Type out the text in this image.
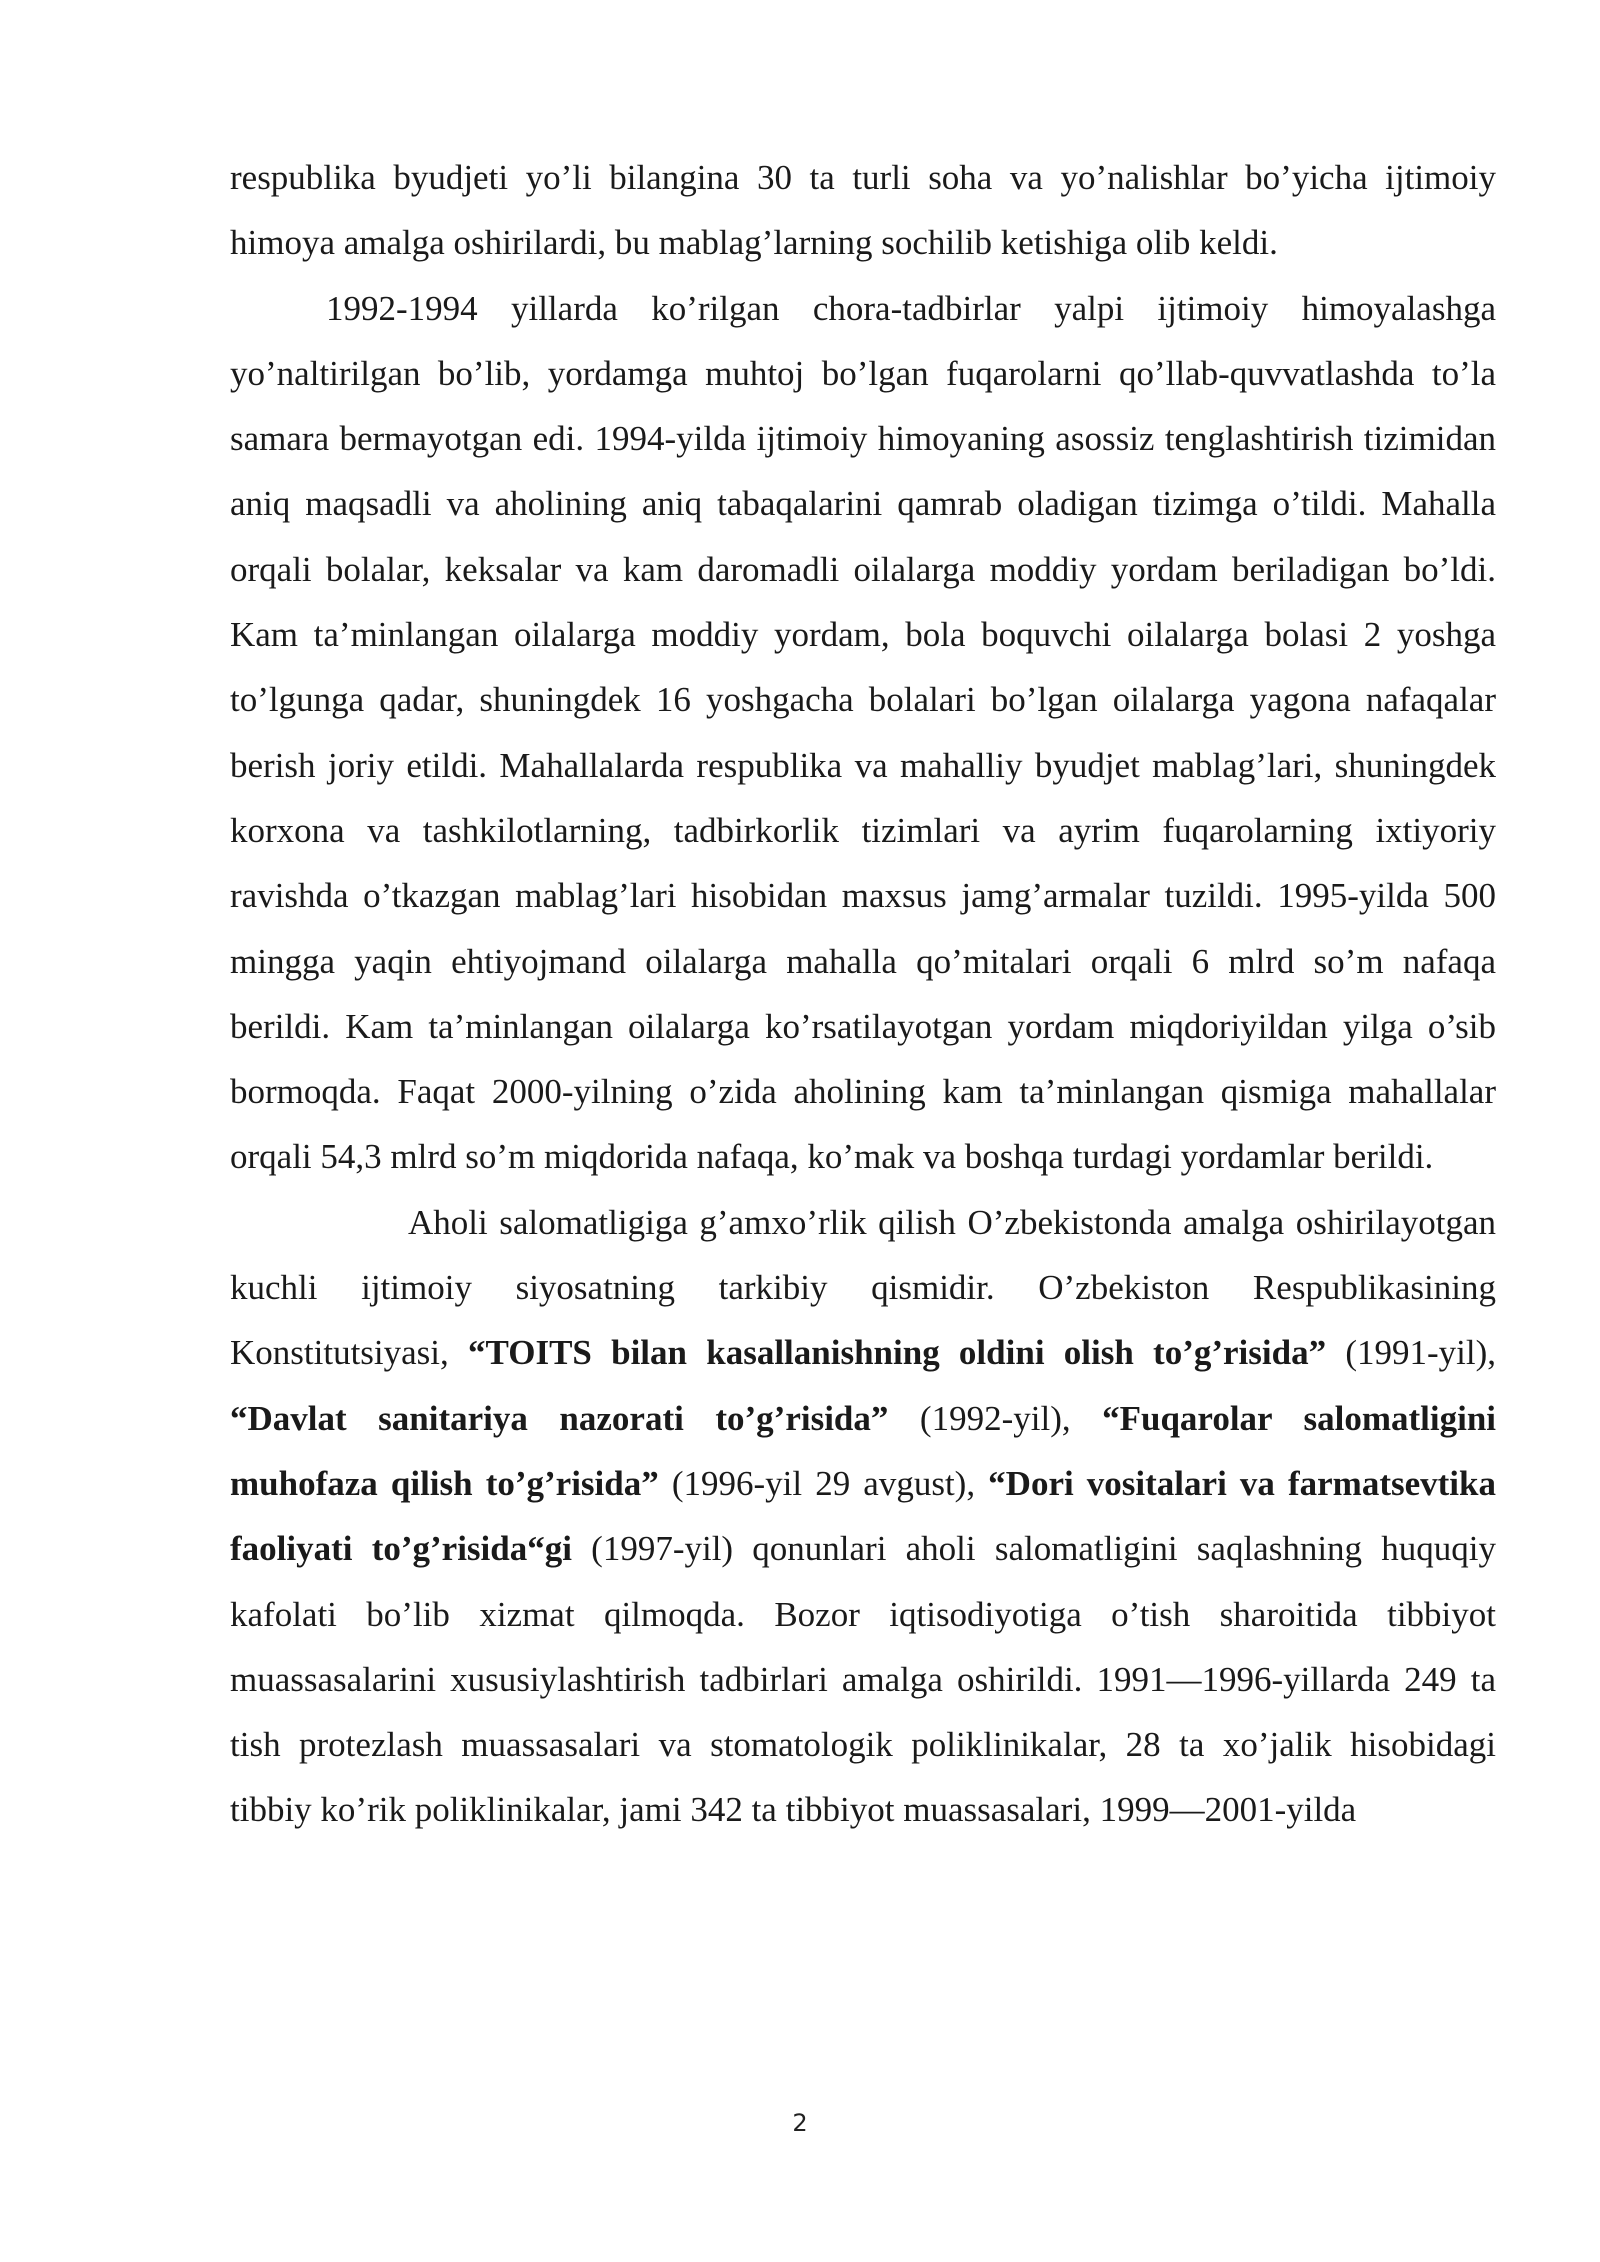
respublika byudjeti yo’li bilangina 30 ta turli soha va yo’nalishlar bo’yicha ijtimoiy himoya amalga oshirilardi, bu mablag’larning sochilib ketishiga olib keldi.

1992-1994 yillarda ko’rilgan chora-tadbirlar yalpi ijtimoiy himoyalashga yo’naltirilgan bo’lib, yordamga muhtoj bo’lgan fuqarolarni qo’llab-quvvatlashda to’la samara bermayotgan edi. 1994-yilda ijtimoiy himoyaning asossiz tenglashtirish tizimidan aniq maqsadli va aholining aniq tabaqalarini qamrab oladigan tizimga o’tildi. Mahalla orqali bolalar, keksalar va kam daromadli oilalarga moddiy yordam beriladigan bo’ldi. Kam ta’minlangan oilalarga moddiy yordam, bola boquvchi oilalarga bolasi 2 yoshga to’lgunga qadar, shuningdek 16 yoshgacha bolalari bo’lgan oilalarga yagona nafaqalar berish joriy etildi. Mahallalarda respublika va mahalliy byudjet mablag’lari, shuningdek korxona va tashkilotlarning, tadbirkorlik tizimlari va ayrim fuqarolarning ixtiyoriy ravishda o’tkazgan mablag’lari hisobidan maxsus jamg’armalar tuzildi. 1995-yilda 500 mingga yaqin ehtiyojmand oilalarga mahalla qo’mitalari orqali 6 mlrd so’m nafaqa berildi. Kam ta’minlangan oilalarga ko’rsatilayotgan yordam miqdoriyildan yilga o’sib bormoqda. Faqat 2000-yilning o’zida aholining kam ta’minlangan qismiga mahallalar orqali 54,3 mlrd so’m miqdorida nafaqa, ko’mak va boshqa turdagi yordamlar berildi.

Aholi salomatligiga g’amxo’rlik qilish O’zbekistonda amalga oshirilayotgan kuchli ijtimoiy siyosatning tarkibiy qismidir. O’zbekiston Respublikasining Konstitutsiyasi, “TOITS bilan kasallanishning oldini olish to’g’risida” (1991-yil), “Davlat sanitariya nazorati to’g’risida” (1992-yil), “Fuqarolar salomatligini muhofaza qilish to’g’risida” (1996-yil 29 avgust), “Dori vositalari va farmatsevtika faoliyati to’g’risida“gi (1997-yil) qonunlari aholi salomatligini saqlashning huquqiy kafolati bo’lib xizmat qilmoqda. Bozor iqtisodiyotiga o’tish sharoitida tibbiyot muassasalarini xususiylashtirish tadbirlari amalga oshirildi. 1991—1996-yillarda 249 ta tish protezlash muassasalari va stomatologik poliklinikalar, 28 ta xo’jalik hisobidagi tibbiy ko’rik poliklinikalar, jami 342 ta tibbiyot muassasalari, 1999—2001-yilda

2
